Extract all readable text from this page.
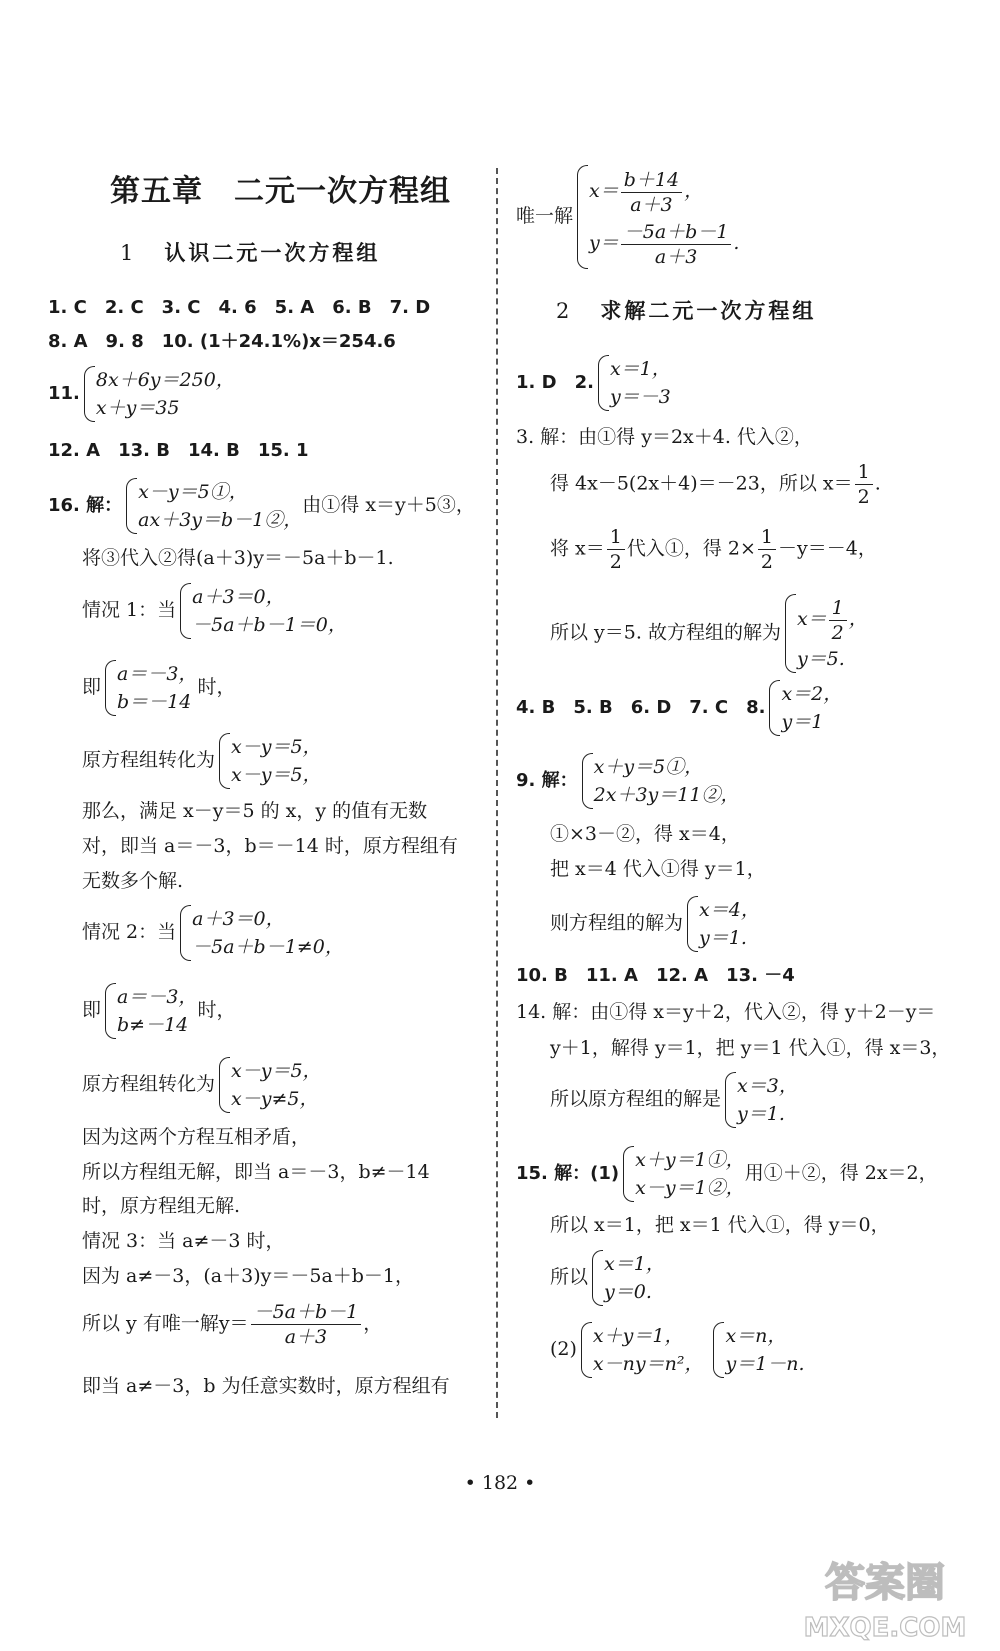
第五章　二元一次方程组
1 认识二元一次方程组
1. C　2. C　3. C　4. 6　5. A　6. B　7. D
8. A　9. 8　10. (1＋24.1%)x＝254.6
11.
8x＋6y＝250，
x＋y＝35
12. A　13. B　14. B　15. 1
16. 解：
x－y＝5①，
ax＋3y＝b－1②，
由①得 x＝y＋5③，
将③代入②得(a＋3)y＝－5a＋b－1.
情况 1：当
a＋3＝0，
－5a＋b－1＝0，
即
a＝－3，
b＝－14
时，
原方程组转化为
x－y＝5，
x－y＝5，
那么，满足 x－y＝5 的 x，y 的值有无数
对，即当 a＝－3，b＝－14 时，原方程组有
无数多个解.
情况 2：当
a＋3＝0，
－5a＋b－1≠0，
即
a＝－3，
b≠－14
时，
原方程组转化为
x－y＝5，
x－y≠5，
因为这两个方程互相矛盾，
所以方程组无解，即当 a＝－3，b≠－14
时，原方程组无解.
情况 3：当 a≠－3 时，
因为 a≠－3，(a＋3)y＝－5a＋b－1，
所以 y 有唯一解$y= \frac{-5a+b-1}{a+3}$ ，
即当 a≠－3，b 为任意实数时，原方程组有
唯一解
$x= \frac{b+14}{a+3}$ ，
$y= \frac{-5a+b-1}{a+3}$ .
2 求解二元一次方程组
1. D　2.
x＝1，
y＝－3
3. 解：由①得 y＝2x＋4. 代入②，
得 4x－5(2x＋4)＝－23，所以 $x= \frac{1}{2}$ .
将 $x= \frac{1}{2}$ 代入①，得 $2\times \frac{1}{2} -y=-4$，
所以 y＝5. 故方程组的解为
$x= \frac{1}{2}$ ，
y＝5.
4. B　5. B　6. D　7. C　8.
x＝2，
y＝1
9. 解：
x＋y＝5①，
2x＋3y＝11②，
①×3－②，得 x＝4，
把 x＝4 代入①得 y＝1，
则方程组的解为
x＝4，
y＝1.
10. B　11. A　12. A　13. －4
14. 解：由①得 x＝y＋2，代入②，得 y＋2－y＝
y＋1，解得 y＝1，把 y＝1 代入①，得 x＝3，
所以原方程组的解是
x＝3，
y＝1.
15. 解：(1)
x＋y＝1①，
x－y＝1②，
用①＋②，得 2x＝2，
所以 x＝1，把 x＝1 代入①，得 y＝0，
所以
x＝1，
y＝0.
(2)
x＋y＝1，
x－ny＝n²，
x＝n，
y＝1－n.
• 182 •
答案圈
MXQE.COM
